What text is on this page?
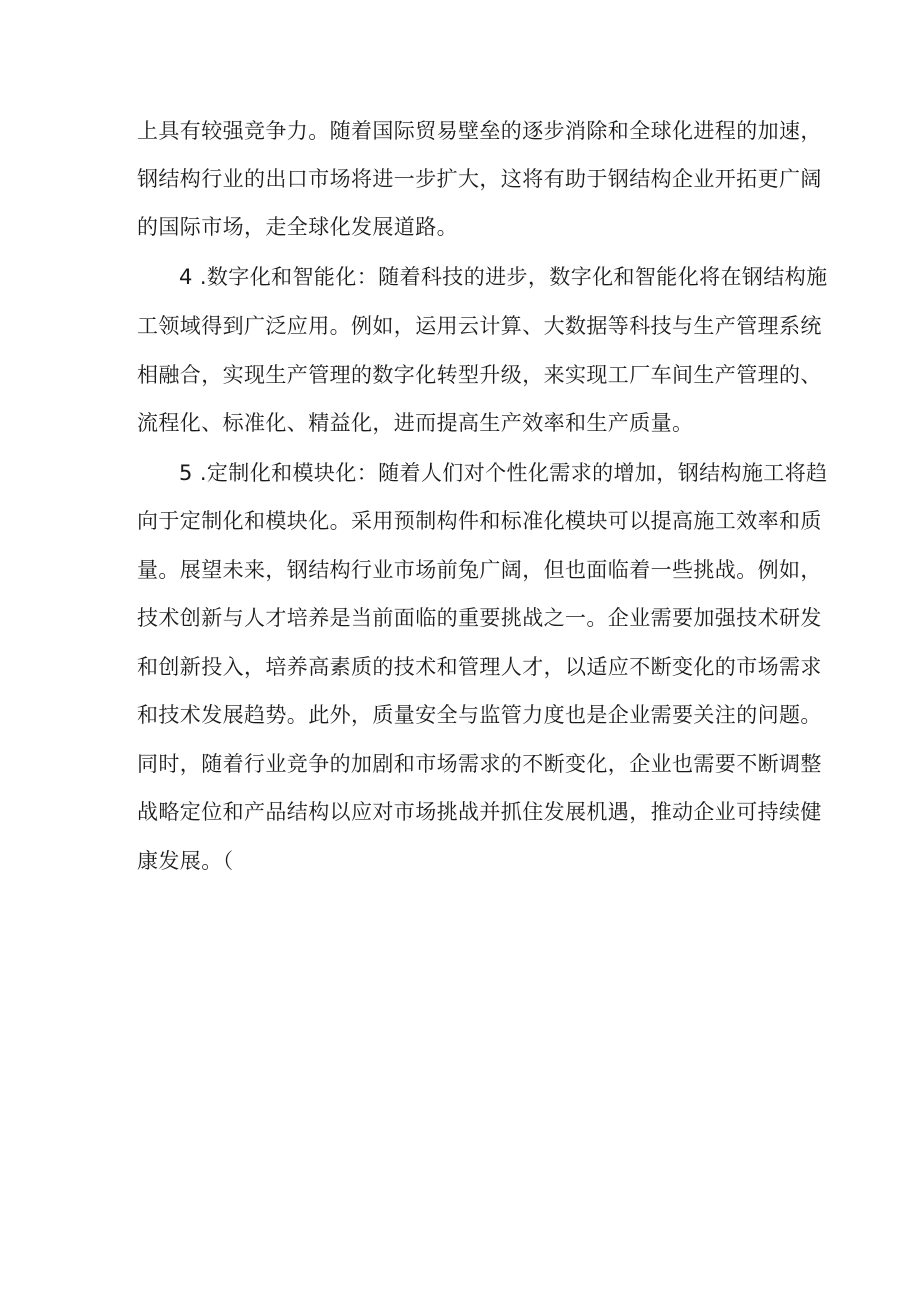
上具有较强竞争力。随着国际贸易壁垒的逐步消除和全球化进程的加速，
钢结构行业的出口市场将进一步扩大，这将有助于钢结构企业开拓更广阔
的国际市场，走全球化发展道路。
4 .数字化和智能化：随着科技的进步，数字化和智能化将在钢结构施
工领域得到广泛应用。例如，运用云计算、大数据等科技与生产管理系统
相融合，实现生产管理的数字化转型升级，来实现工厂车间生产管理的、
流程化、标准化、精益化，进而提高生产效率和生产质量。
5 .定制化和模块化：随着人们对个性化需求的增加，钢结构施工将趋
向于定制化和模块化。采用预制构件和标准化模块可以提高施工效率和质
量。展望未来，钢结构行业市场前兔广阔，但也面临着一些挑战。例如，
技术创新与人才培养是当前面临的重要挑战之一。企业需要加强技术研发
和创新投入，培养高素质的技术和管理人才，以适应不断变化的市场需求
和技术发展趋势。此外，质量安全与监管力度也是企业需要关注的问题。
同时，随着行业竞争的加剧和市场需求的不断变化，企业也需要不断调整
战略定位和产品结构以应对市场挑战并抓住发展机遇，推动企业可持续健
康发展。（
